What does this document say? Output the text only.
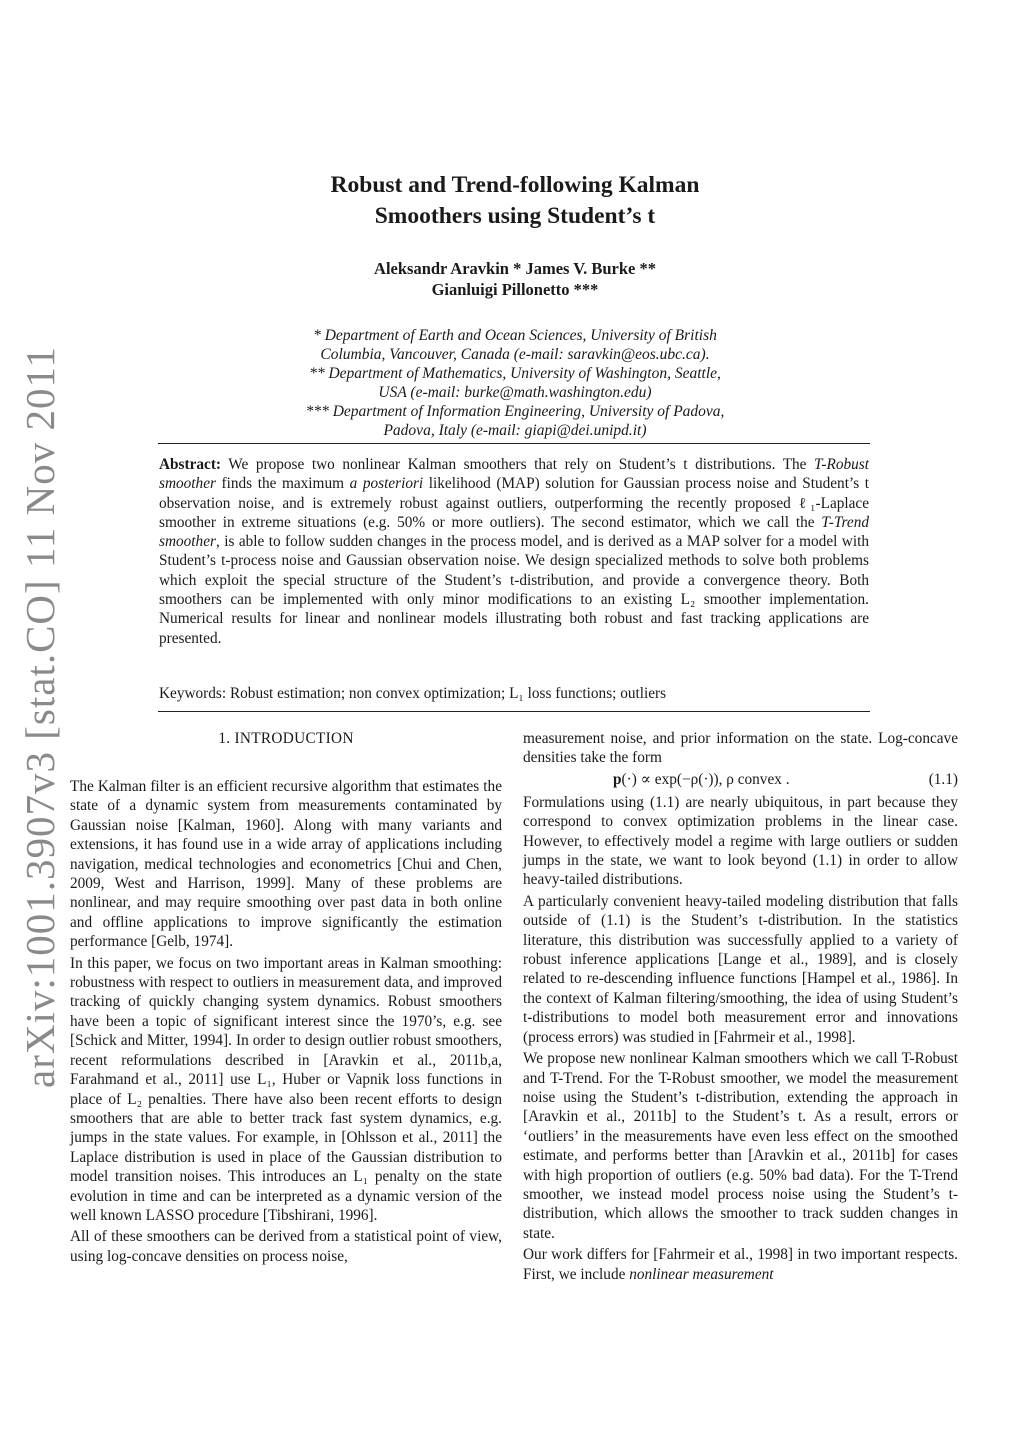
arXiv:1001.3907v3 [stat.CO] 11 Nov 2011
Robust and Trend-following Kalman
Smoothers using Student’s t
Aleksandr Aravkin * James V. Burke **
Gianluigi Pillonetto ***
* Department of Earth and Ocean Sciences, University of British
Columbia, Vancouver, Canada (e-mail: saravkin@eos.ubc.ca).
** Department of Mathematics, University of Washington, Seattle,
USA (e-mail: burke@math.washington.edu)
*** Department of Information Engineering, University of Padova,
Padova, Italy (e-mail: giapi@dei.unipd.it)

Abstract: We propose two nonlinear Kalman smoothers that rely on Student’s t distributions. The T-Robust smoother finds the maximum a posteriori likelihood (MAP) solution for Gaussian process noise and Student’s t observation noise, and is extremely robust against outliers, outperforming the recently proposed ℓ₁-Laplace smoother in extreme situations (e.g. 50% or more outliers). The second estimator, which we call the T-Trend smoother, is able to follow sudden changes in the process model, and is derived as a MAP solver for a model with Student’s t-process noise and Gaussian observation noise. We design specialized methods to solve both problems which exploit the special structure of the Student’s t-distribution, and provide a convergence theory. Both smoothers can be implemented with only minor modifications to an existing L₂ smoother implementation. Numerical results for linear and nonlinear models illustrating both robust and fast tracking applications are presented.

Keywords: Robust estimation; non convex optimization; L₁ loss functions; outliers
1. INTRODUCTION

The Kalman filter is an efficient recursive algorithm that estimates the state of a dynamic system from measurements contaminated by Gaussian noise [Kalman, 1960]. Along with many variants and extensions, it has found use in a wide array of applications including navigation, medical technologies and econometrics [Chui and Chen, 2009, West and Harrison, 1999]. Many of these problems are nonlinear, and may require smoothing over past data in both online and offline applications to improve significantly the estimation performance [Gelb, 1974].

In this paper, we focus on two important areas in Kalman smoothing: robustness with respect to outliers in measurement data, and improved tracking of quickly changing system dynamics. Robust smoothers have been a topic of significant interest since the 1970’s, e.g. see [Schick and Mitter, 1994]. In order to design outlier robust smoothers, recent reformulations described in [Aravkin et al., 2011b,a, Farahmand et al., 2011] use L₁, Huber or Vapnik loss functions in place of L₂ penalties. There have also been recent efforts to design smoothers that are able to better track fast system dynamics, e.g. jumps in the state values. For example, in [Ohlsson et al., 2011] the Laplace distribution is used in place of the Gaussian distribution to model transition noises. This introduces an L₁ penalty on the state evolution in time and can be interpreted as a dynamic version of the well known LASSO procedure [Tibshirani, 1996].

All of these smoothers can be derived from a statistical point of view, using log-concave densities on process noise,

measurement noise, and prior information on the state. Log-concave densities take the form

p(·) ∝ exp(−ρ(·)), ρ convex .	(1.1)

Formulations using (1.1) are nearly ubiquitous, in part because they correspond to convex optimization problems in the linear case. However, to effectively model a regime with large outliers or sudden jumps in the state, we want to look beyond (1.1) in order to allow heavy-tailed distributions.

A particularly convenient heavy-tailed modeling distribution that falls outside of (1.1) is the Student’s t-distribution. In the statistics literature, this distribution was successfully applied to a variety of robust inference applications [Lange et al., 1989], and is closely related to re-descending influence functions [Hampel et al., 1986]. In the context of Kalman filtering/smoothing, the idea of using Student’s t-distributions to model both measurement error and innovations (process errors) was studied in [Fahrmeir et al., 1998].

We propose new nonlinear Kalman smoothers which we call T-Robust and T-Trend. For the T-Robust smoother, we model the measurement noise using the Student’s t-distribution, extending the approach in [Aravkin et al., 2011b] to the Student’s t. As a result, errors or ‘outliers’ in the measurements have even less effect on the smoothed estimate, and performs better than [Aravkin et al., 2011b] for cases with high proportion of outliers (e.g. 50% bad data). For the T-Trend smoother, we instead model process noise using the Student’s t-distribution, which allows the smoother to track sudden changes in state.

Our work differs for [Fahrmeir et al., 1998] in two important respects. First, we include nonlinear measurement
